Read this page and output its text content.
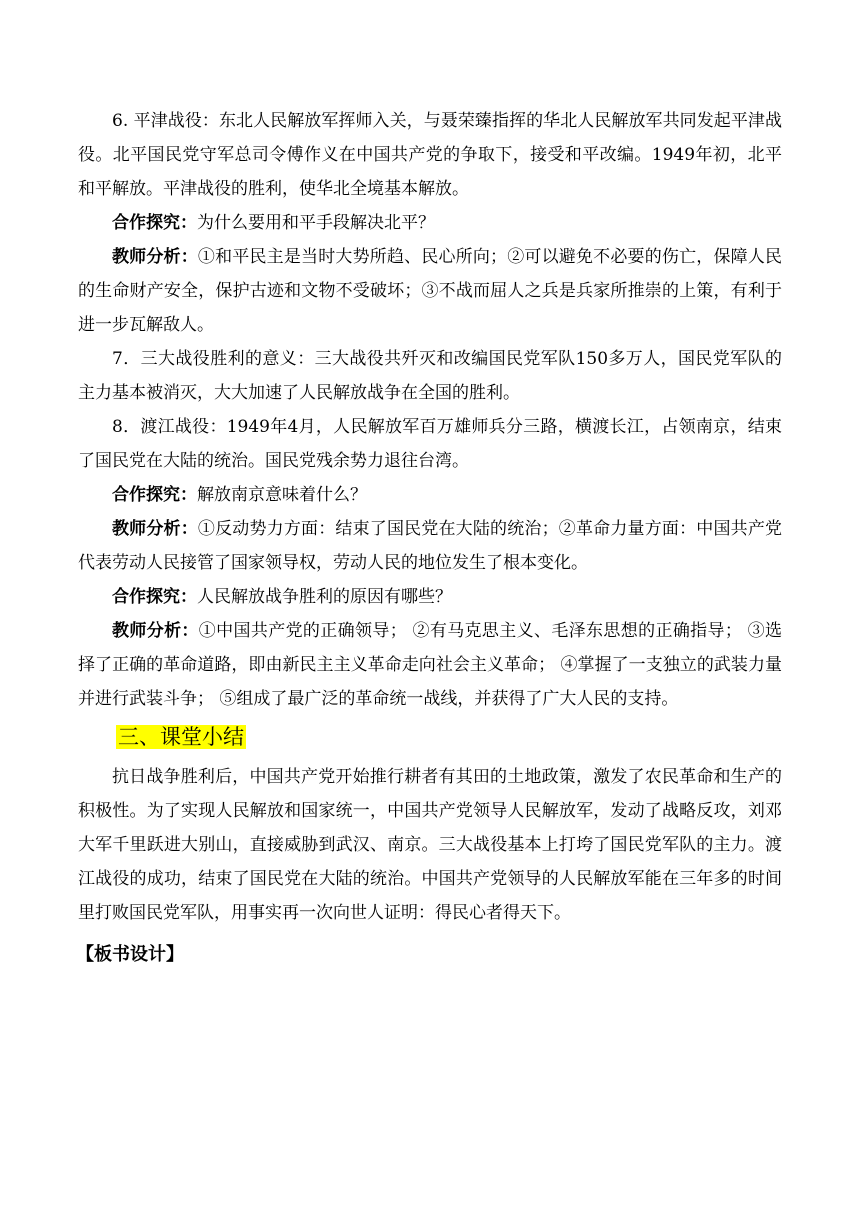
6. 平津战役：东北人民解放军挥师入关，与聂荣臻指挥的华北人民解放军共同发起平津战役。北平国民党守军总司令傅作义在中国共产党的争取下，接受和平改编。1949年初，北平和平解放。平津战役的胜利，使华北全境基本解放。

合作探究：为什么要用和平手段解决北平？

教师分析：①和平民主是当时大势所趋、民心所向；②可以避免不必要的伤亡，保障人民的生命财产安全，保护古迹和文物不受破坏；③不战而屈人之兵是兵家所推崇的上策，有利于进一步瓦解敌人。

7．三大战役胜利的意义：三大战役共歼灭和改编国民党军队150多万人，国民党军队的主力基本被消灭，大大加速了人民解放战争在全国的胜利。

8．渡江战役：1949年4月，人民解放军百万雄师兵分三路，横渡长江，占领南京，结束了国民党在大陆的统治。国民党残余势力退往台湾。

合作探究：解放南京意味着什么？

教师分析：①反动势力方面：结束了国民党在大陆的统治；②革命力量方面：中国共产党代表劳动人民接管了国家领导权，劳动人民的地位发生了根本变化。

合作探究：人民解放战争胜利的原因有哪些？

教师分析：①中国共产党的正确领导； ②有马克思主义、毛泽东思想的正确指导； ③选择了正确的革命道路，即由新民主主义革命走向社会主义革命； ④掌握了一支独立的武装力量并进行武装斗争； ⑤组成了最广泛的革命统一战线，并获得了广大人民的支持。

三、课堂小结

抗日战争胜利后，中国共产党开始推行耕者有其田的土地政策，激发了农民革命和生产的积极性。为了实现人民解放和国家统一，中国共产党领导人民解放军，发动了战略反攻，刘邓大军千里跃进大别山，直接威胁到武汉、南京。三大战役基本上打垮了国民党军队的主力。渡江战役的成功，结束了国民党在大陆的统治。中国共产党领导的人民解放军能在三年多的时间里打败国民党军队，用事实再一次向世人证明：得民心者得天下。

【板书设计】
